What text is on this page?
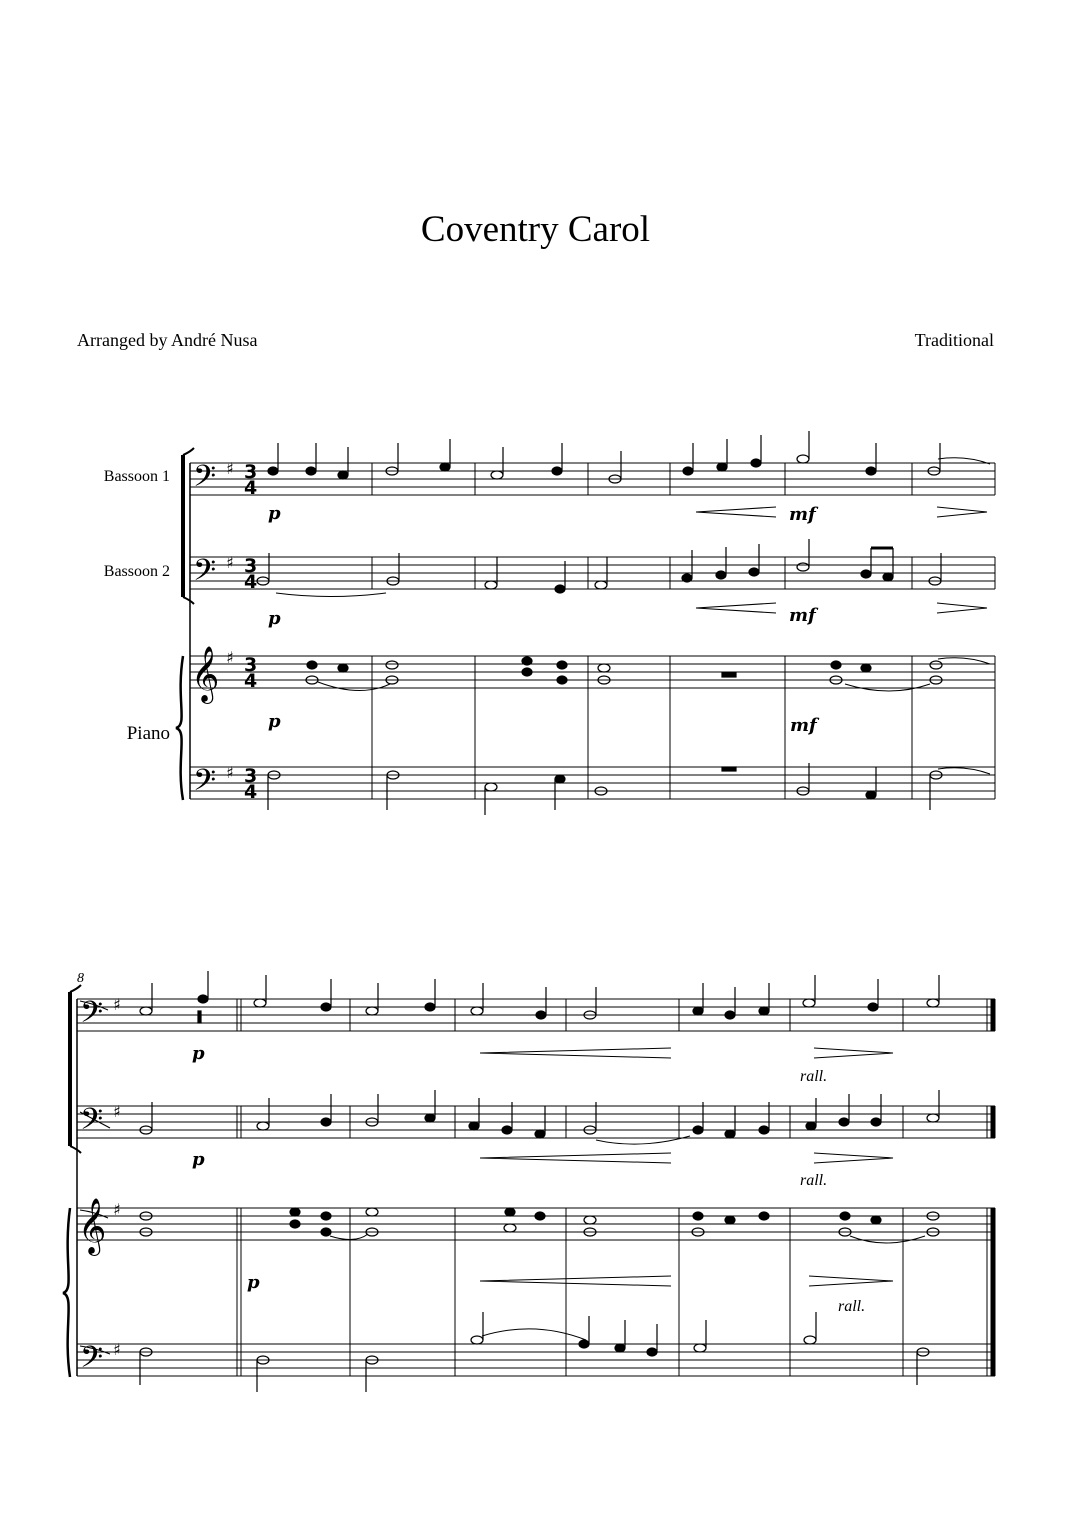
Coventry Carol
Arranged by André Nusa	Traditional
Bassoon 1
Bassoon 2
Piano
𝄢
𝄢
𝄞
𝄢
♯
♯
♯
♯
3
4
3
4
3
4
3
4
p	mf
p	mf
p	mf
8
𝄢
𝄢
𝄞
𝄢
♯
♯
♯
♯
p
p
p
rall.
rall.
rall.
